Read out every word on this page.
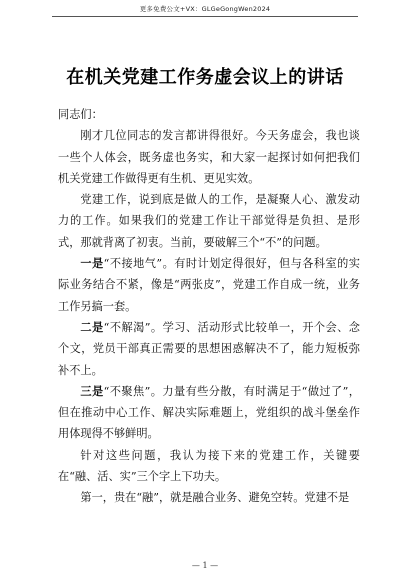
更多免费公文+VX：GLGeGongWen2024
在机关党建工作务虚会议上的讲话

同志们：

刚才几位同志的发言都讲得很好。今天务虚会，我也谈一些个人体会，既务虚也务实，和大家一起探讨如何把我们机关党建工作做得更有生机、更见实效。

党建工作，说到底是做人的工作，是凝聚人心、激发动力的工作。如果我们的党建工作让干部觉得是负担、是形式，那就背离了初衷。当前，要破解三个“不”的问题。

一是“不接地气”。有时计划定得很好，但与各科室的实际业务结合不紧，像是“两张皮”，党建工作自成一统，业务工作另搞一套。

二是“不解渴”。学习、活动形式比较单一，开个会、念个文，党员干部真正需要的思想困惑解决不了，能力短板弥补不上。

三是“不聚焦”。力量有些分散，有时满足于“做过了”，但在推动中心工作、解决实际难题上，党组织的战斗堡垒作用体现得不够鲜明。

针对这些问题，我认为接下来的党建工作，关键要在“融、活、实”三个字上下功夫。

第一，贵在“融”，就是融合业务、避免空转。党建不是

— 1 —
